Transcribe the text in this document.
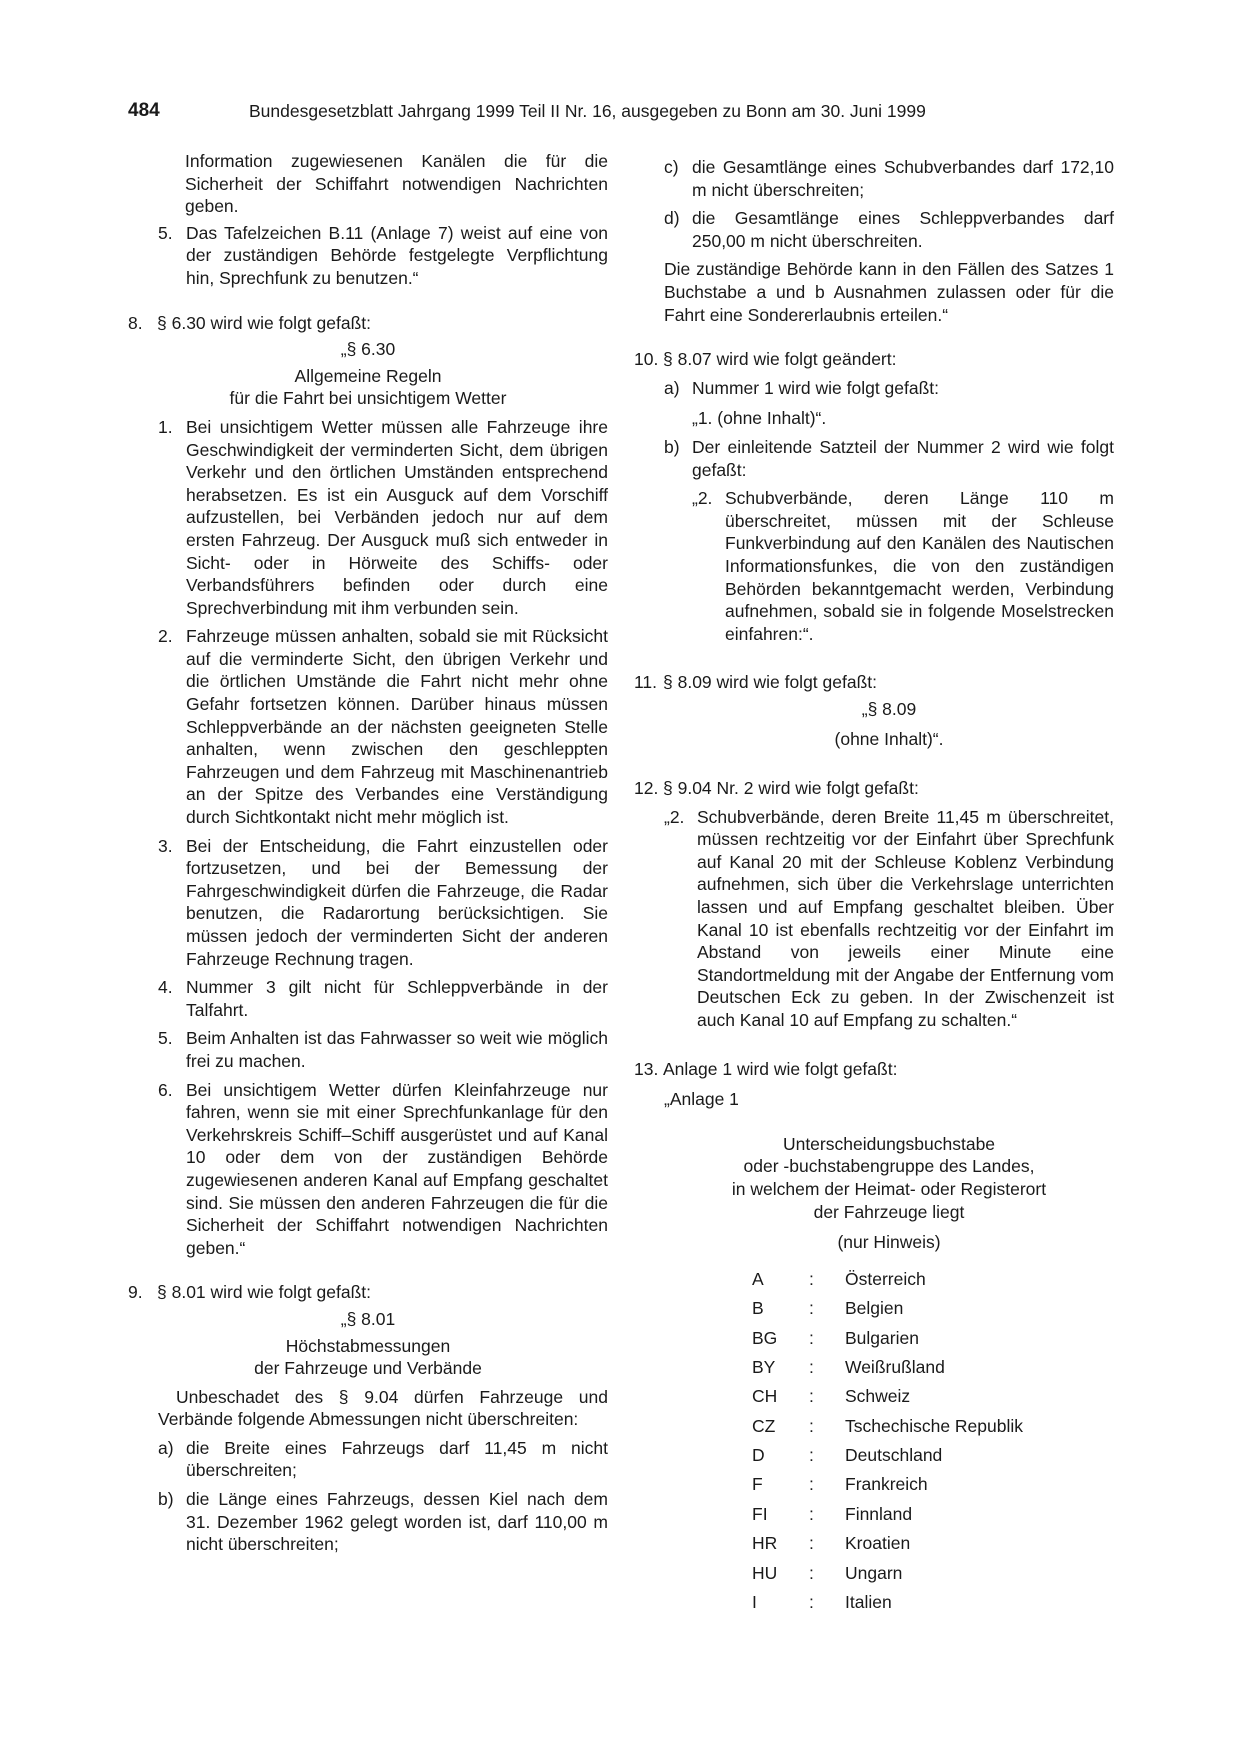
484	Bundesgesetzblatt Jahrgang 1999 Teil II Nr. 16, ausgegeben zu Bonn am 30. Juni 1999

Information zugewiesenen Kanälen die für die Sicherheit der Schiffahrt notwendigen Nachrichten geben.

5. Das Tafelzeichen B.11 (Anlage 7) weist auf eine von der zuständigen Behörde festgelegte Verpflichtung hin, Sprechfunk zu benutzen.“
8. § 6.30 wird wie folgt gefaßt:

„§ 6.30

Allgemeine Regeln

für die Fahrt bei unsichtigem Wetter

1. Bei unsichtigem Wetter müssen alle Fahrzeuge ihre Geschwindigkeit der verminderten Sicht, dem übrigen Verkehr und den örtlichen Umständen entsprechend herabsetzen. Es ist ein Ausguck auf dem Vorschiff aufzustellen, bei Verbänden jedoch nur auf dem ersten Fahrzeug. Der Ausguck muß sich entweder in Sicht- oder in Hörweite des Schiffs- oder Verbandsführers befinden oder durch eine Sprechverbindung mit ihm verbunden sein.
2. Fahrzeuge müssen anhalten, sobald sie mit Rücksicht auf die verminderte Sicht, den übrigen Verkehr und die örtlichen Umstände die Fahrt nicht mehr ohne Gefahr fortsetzen können. Darüber hinaus müssen Schleppverbände an der nächsten geeigneten Stelle anhalten, wenn zwischen den geschleppten Fahrzeugen und dem Fahrzeug mit Maschinenantrieb an der Spitze des Verbandes eine Verständigung durch Sichtkontakt nicht mehr möglich ist.
3. Bei der Entscheidung, die Fahrt einzustellen oder fortzusetzen, und bei der Bemessung der Fahrgeschwindigkeit dürfen die Fahrzeuge, die Radar benutzen, die Radarortung berücksichtigen. Sie müssen jedoch der verminderten Sicht der anderen Fahrzeuge Rechnung tragen.
4. Nummer 3 gilt nicht für Schleppverbände in der Talfahrt.
5. Beim Anhalten ist das Fahrwasser so weit wie möglich frei zu machen.
6. Bei unsichtigem Wetter dürfen Kleinfahrzeuge nur fahren, wenn sie mit einer Sprechfunkanlage für den Verkehrskreis Schiff–Schiff ausgerüstet und auf Kanal 10 oder dem von der zuständigen Behörde zugewiesenen anderen Kanal auf Empfang geschaltet sind. Sie müssen den anderen Fahrzeugen die für die Sicherheit der Schiffahrt notwendigen Nachrichten geben.“
9. § 8.01 wird wie folgt gefaßt:

„§ 8.01

Höchstabmessungen

der Fahrzeuge und Verbände

Unbeschadet des § 9.04 dürfen Fahrzeuge und Verbände folgende Abmessungen nicht überschreiten:

a) die Breite eines Fahrzeugs darf 11,45 m nicht überschreiten;
b) die Länge eines Fahrzeugs, dessen Kiel nach dem 31. Dezember 1962 gelegt worden ist, darf 110,00 m nicht überschreiten;
c) die Gesamtlänge eines Schubverbandes darf 172,10 m nicht überschreiten;
d) die Gesamtlänge eines Schleppverbandes darf 250,00 m nicht überschreiten.

Die zuständige Behörde kann in den Fällen des Satzes 1 Buchstabe a und b Ausnahmen zulassen oder für die Fahrt eine Sondererlaubnis erteilen.“

10. § 8.07 wird wie folgt geändert:
a) Nummer 1 wird wie folgt gefaßt:

„1. (ohne Inhalt)“.

b) Der einleitende Satzteil der Nummer 2 wird wie folgt gefaßt:
„2. Schubverbände, deren Länge 110 m überschreitet, müssen mit der Schleuse Funkverbindung auf den Kanälen des Nautischen Informationsfunkes, die von den zuständigen Behörden bekanntgemacht werden, Verbindung aufnehmen, sobald sie in folgende Moselstrecken einfahren:“.
11. § 8.09 wird wie folgt gefaßt:

„§ 8.09

(ohne Inhalt)“.

12. § 9.04 Nr. 2 wird wie folgt gefaßt:
„2. Schubverbände, deren Breite 11,45 m überschreitet, müssen rechtzeitig vor der Einfahrt über Sprechfunk auf Kanal 20 mit der Schleuse Koblenz Verbindung aufnehmen, sich über die Verkehrslage unterrichten lassen und auf Empfang geschaltet bleiben. Über Kanal 10 ist ebenfalls rechtzeitig vor der Einfahrt im Abstand von jeweils einer Minute eine Standortmeldung mit der Angabe der Entfernung vom Deutschen Eck zu geben. In der Zwischenzeit ist auch Kanal 10 auf Empfang zu schalten.“
13. Anlage 1 wird wie folgt gefaßt:

„Anlage 1

Unterscheidungsbuchstabe

oder -buchstabengruppe des Landes,

in welchem der Heimat- oder Registerort

der Fahrzeuge liegt

(nur Hinweis)

A	:	Österreich
B	:	Belgien
BG	:	Bulgarien
BY	:	Weißrußland
CH	:	Schweiz
CZ	:	Tschechische Republik
D	:	Deutschland
F	:	Frankreich
FI	:	Finnland
HR	:	Kroatien
HU	:	Ungarn
I	:	Italien
